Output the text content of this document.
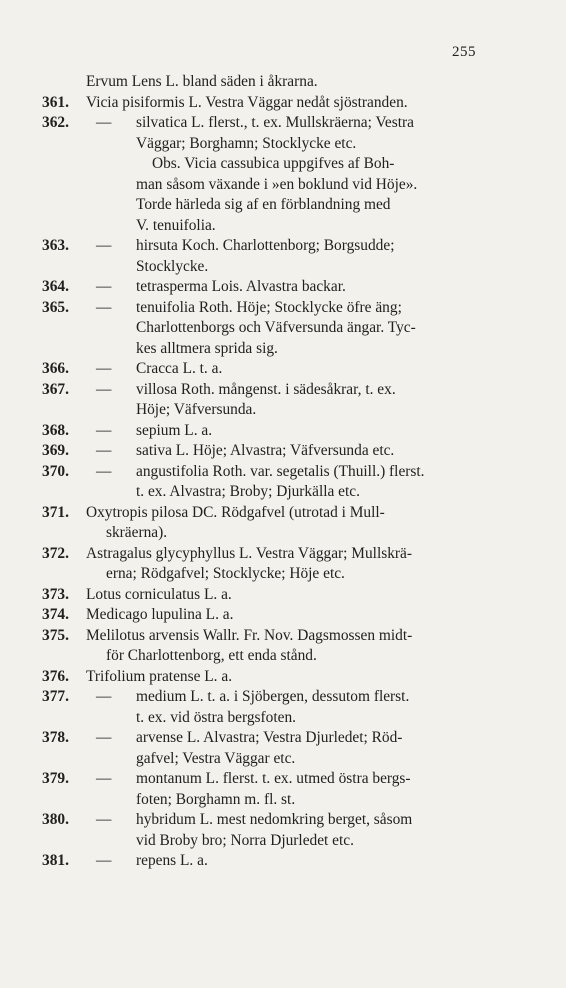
255
Ervum Lens L. bland säden i åkrarna.
361.	Vicia pisiformis L. Vestra Väggar nedåt sjöstranden.
362. —	silvatica L. flerst., t. ex. Mullskräerna; Vestra
Väggar; Borghamn; Stocklycke etc.
Obs. Vicia cassubica uppgifves af Boh-
man såsom växande i »en boklund vid Höje».
Torde härleda sig af en förblandning med
V. tenuifolia.
363. —	hirsuta Koch. Charlottenborg; Borgsudde;
Stocklycke.
364. —	tetrasperma Lois. Alvastra backar.
365. —	tenuifolia Roth. Höje; Stocklycke öfre äng;
Charlottenborgs och Väfversunda ängar. Tyc-
kes alltmera sprida sig.
366. —	Cracca L. t. a.
367. —	villosa Roth. mångenst. i sädesåkrar, t. ex.
Höje; Väfversunda.
368. —	sepium L. a.
369. —	sativa L. Höje; Alvastra; Väfversunda etc.
370. —	angustifolia Roth. var. segetalis (Thuill.) flerst.
t. ex. Alvastra; Broby; Djurkälla etc.
371.	Oxytropis pilosa DC. Rödgafvel (utrotad i Mull-
skräerna).
372.	Astragalus glycyphyllus L. Vestra Väggar; Mullskrä-
erna; Rödgafvel; Stocklycke; Höje etc.
373.	Lotus corniculatus L. a.
374.	Medicago lupulina L. a.
375.	Melilotus arvensis Wallr. Fr. Nov. Dagsmossen midt-
för Charlottenborg, ett enda stånd.
376.	Trifolium pratense L. a.
377. —	medium L. t. a. i Sjöbergen, dessutom flerst.
t. ex. vid östra bergsfoten.
378. —	arvense L. Alvastra; Vestra Djurledet; Röd-
gafvel; Vestra Väggar etc.
379. —	montanum L. flerst. t. ex. utmed östra bergs-
foten; Borghamn m. fl. st.
380. —	hybridum L. mest nedomkring berget, såsom
vid Broby bro; Norra Djurledet etc.
381. —	repens L. a.
